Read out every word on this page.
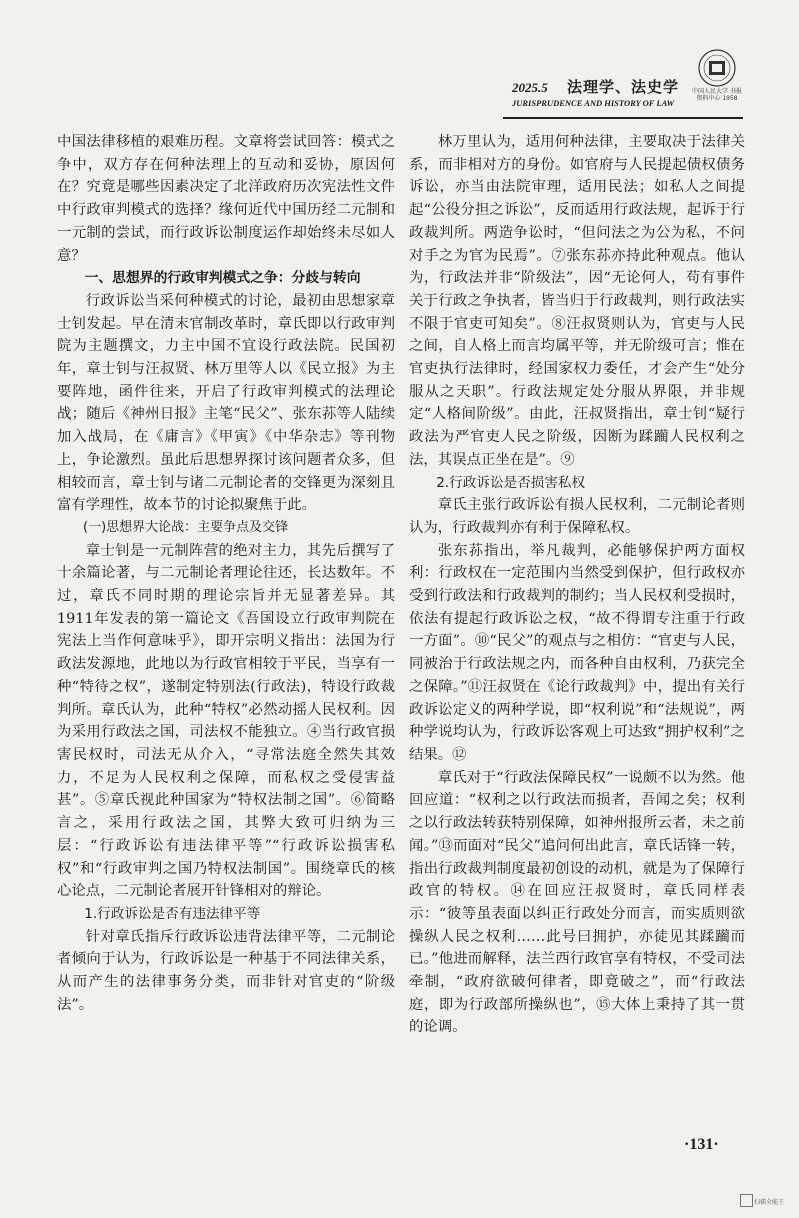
2025.5 法理学、法史学
JURISPRUDENCE AND HISTORY OF LAW
中国人民大学 书报资料中心 1958

中国法律移植的艰难历程。文章将尝试回答：模式之争中，双方存在何种法理上的互动和妥协，原因何在？究竟是哪些因素决定了北洋政府历次宪法性文件中行政审判模式的选择？缘何近代中国历经二元制和一元制的尝试，而行政诉讼制度运作却始终未尽如人意？

一、思想界的行政审判模式之争：分歧与转向

行政诉讼当采何种模式的讨论，最初由思想家章士钊发起。早在清末官制改革时，章氏即以行政审判院为主题撰文，力主中国不宜设行政法院。民国初年，章士钊与汪叔贤、林万里等人以《民立报》为主要阵地，函件往来，开启了行政审判模式的法理论战；随后《神州日报》主笔“民父”、张东荪等人陆续加入战局，在《庸言》《甲寅》《中华杂志》等刊物上，争论激烈。虽此后思想界探讨该问题者众多，但相较而言，章士钊与诸二元制论者的交锋更为深刻且富有学理性，故本节的讨论拟聚焦于此。

(一)思想界大论战：主要争点及交锋

章士钊是一元制阵营的绝对主力，其先后撰写了十余篇论著，与二元制论者理论往还，长达数年。不过，章氏不同时期的理论宗旨并无显著差异。其1911年发表的第一篇论文《吾国设立行政审判院在宪法上当作何意味乎》，即开宗明义指出：法国为行政法发源地，此地以为行政官相较于平民，当享有一种“特待之权”，遂制定特别法(行政法)，特设行政裁判所。章氏认为，此种“特权”必然动摇人民权利。因为采用行政法之国，司法权不能独立。④当行政官损害民权时，司法无从介入，“寻常法庭全然失其效力，不足为人民权利之保障，而私权之受侵害益甚”。⑤章氏视此种国家为“特权法制之国”。⑥简略言之，采用行政法之国，其弊大致可归纳为三层：“行政诉讼有违法律平等”“行政诉讼损害私权”和“行政审判之国乃特权法制国”。围绕章氏的核心论点，二元制论者展开针锋相对的辩论。

1.行政诉讼是否有违法律平等

针对章氏指斥行政诉讼违背法律平等，二元制论者倾向于认为，行政诉讼是一种基于不同法律关系，从而产生的法律事务分类，而非针对官吏的“阶级法”。

林万里认为，适用何种法律，主要取决于法律关系，而非相对方的身份。如官府与人民提起债权债务诉讼，亦当由法院审理，适用民法；如私人之间提起“公役分担之诉讼”，反而适用行政法规，起诉于行政裁判所。两造争讼时，“但问法之为公为私，不问对手之为官为民焉”。⑦张东荪亦持此种观点。他认为，行政法并非“阶级法”，因“无论何人，苟有事件关于行政之争执者，皆当归于行政裁判，则行政法实不限于官吏可知矣”。⑧汪叔贤则认为，官吏与人民之间，自人格上而言均属平等，并无阶级可言；惟在官吏执行法律时，经国家权力委任，才会产生“处分服从之天职”。行政法规定处分服从界限，并非规定“人格间阶级”。由此，汪叔贤指出，章士钊“疑行政法为严官吏人民之阶级，因断为蹂躏人民权利之法，其误点正坐在是”。⑨

2.行政诉讼是否损害私权

章氏主张行政诉讼有损人民权利，二元制论者则认为，行政裁判亦有利于保障私权。

张东荪指出，举凡裁判，必能够保护两方面权利：行政权在一定范围内当然受到保护，但行政权亦受到行政法和行政裁判的制约；当人民权利受损时，依法有提起行政诉讼之权，“故不得谓专注重于行政一方面”。⑩“民父”的观点与之相仿：“官吏与人民，同被治于行政法规之内，而各种自由权利，乃获完全之保障。”⑪汪叔贤在《论行政裁判》中，提出有关行政诉讼定义的两种学说，即“权利说”和“法规说”，两种学说均认为，行政诉讼客观上可达致“拥护权利”之结果。⑫

章氏对于“行政法保障民权”一说颇不以为然。他回应道：“权利之以行政法而损者，吾闻之矣；权利之以行政法转获特别保障，如神州报所云者，未之前闻。”⑬而面对“民父”追问何出此言，章氏话锋一转，指出行政裁判制度最初创设的动机，就是为了保障行政官的特权。⑭在回应汪叔贤时，章氏同样表示：“彼等虽表面以纠正行政处分而言，而实质则欲操纵人民之权利……此号曰拥护，亦徒见其蹂躏而已。”他进而解释，法兰西行政官享有特权，不受司法牵制，“政府欲破何律者，即竟破之”，而“行政法庭，即为行政部所操纵也”，⑮大体上秉持了其一贯的论调。

·131·
扫描全能王
